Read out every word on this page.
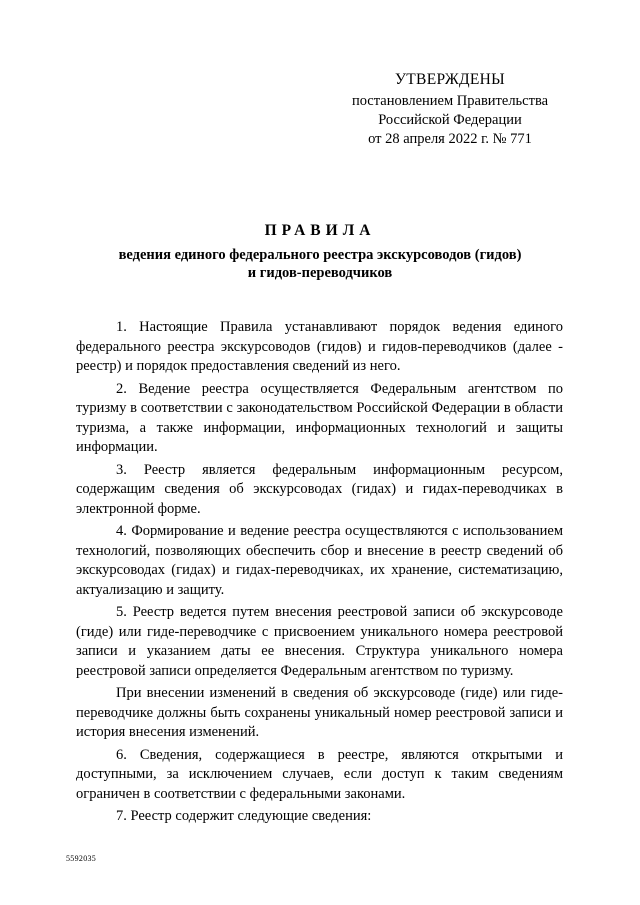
УТВЕРЖДЕНЫ
постановлением Правительства
Российской Федерации
от 28 апреля 2022 г. № 771
ПРАВИЛА
ведения единого федерального реестра экскурсоводов (гидов)
и гидов-переводчиков

1. Настоящие Правила устанавливают порядок ведения единого федерального реестра экскурсоводов (гидов) и гидов-переводчиков (далее - реестр) и порядок предоставления сведений из него.

2. Ведение реестра осуществляется Федеральным агентством по туризму в соответствии с законодательством Российской Федерации в области туризма, а также информации, информационных технологий и защиты информации.

3. Реестр является федеральным информационным ресурсом, содержащим сведения об экскурсоводах (гидах) и гидах-переводчиках в электронной форме.

4. Формирование и ведение реестра осуществляются с использованием технологий, позволяющих обеспечить сбор и внесение в реестр сведений об экскурсоводах (гидах) и гидах-переводчиках, их хранение, систематизацию, актуализацию и защиту.

5. Реестр ведется путем внесения реестровой записи об экскурсоводе (гиде) или гиде-переводчике с присвоением уникального номера реестровой записи и указанием даты ее внесения. Структура уникального номера реестровой записи определяется Федеральным агентством по туризму.

При внесении изменений в сведения об экскурсоводе (гиде) или гиде-переводчике должны быть сохранены уникальный номер реестровой записи и история внесения изменений.

6. Сведения, содержащиеся в реестре, являются открытыми и доступными, за исключением случаев, если доступ к таким сведениям ограничен в соответствии с федеральными законами.

7. Реестр содержит следующие сведения:

5592035
